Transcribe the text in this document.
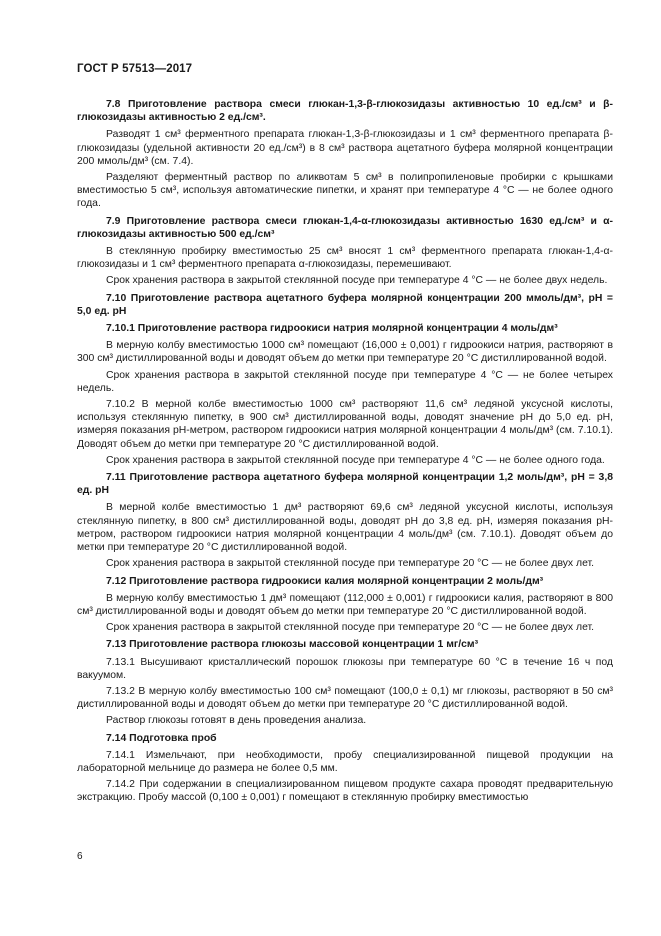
ГОСТ Р 57513—2017

7.8 Приготовление раствора смеси глюкан-1,3-β-глюкозидазы активностью 10 ед./см³ и β-глюкозидазы активностью 2 ед./см³.

Разводят 1 см³ ферментного препарата глюкан-1,3-β-глюкозидазы и 1 см³ ферментного препарата β-глюкозидазы (удельной активности 20 ед./см³) в 8 см³ раствора ацетатного буфера молярной концентрации 200 ммоль/дм³ (см. 7.4).

Разделяют ферментный раствор по аликвотам 5 см³ в полипропиленовые пробирки с крышками вместимостью 5 см³, используя автоматические пипетки, и хранят при температуре 4 °C — не более одного года.

7.9 Приготовление раствора смеси глюкан-1,4-α-глюкозидазы активностью 1630 ед./см³ и α-глюкозидазы активностью 500 ед./см³

В стеклянную пробирку вместимостью 25 см³ вносят 1 см³ ферментного препарата глюкан-1,4-α-глюкозидазы и 1 см³ ферментного препарата α-глюкозидазы, перемешивают.

Срок хранения раствора в закрытой стеклянной посуде при температуре 4 °C — не более двух недель.

7.10 Приготовление раствора ацетатного буфера молярной концентрации 200 ммоль/дм³, pH = 5,0 ед. pH

7.10.1 Приготовление раствора гидроокиси натрия молярной концентрации 4 моль/дм³

В мерную колбу вместимостью 1000 см³ помещают (16,000 ± 0,001) г гидроокиси натрия, растворяют в 300 см³ дистиллированной воды и доводят объем до метки при температуре 20 °C дистиллированной водой.

Срок хранения раствора в закрытой стеклянной посуде при температуре 4 °C — не более четырех недель.

7.10.2 В мерной колбе вместимостью 1000 см³ растворяют 11,6 см³ ледяной уксусной кислоты, используя стеклянную пипетку, в 900 см³ дистиллированной воды, доводят значение pH до 5,0 ед. pH, измеряя показания pH-метром, раствором гидроокиси натрия молярной концентрации 4 моль/дм³ (см. 7.10.1). Доводят объем до метки при температуре 20 °C дистиллированной водой.

Срок хранения раствора в закрытой стеклянной посуде при температуре 4 °C — не более одного года.

7.11 Приготовление раствора ацетатного буфера молярной концентрации 1,2 моль/дм³, pH = 3,8 ед. pH

В мерной колбе вместимостью 1 дм³ растворяют 69,6 см³ ледяной уксусной кислоты, используя стеклянную пипетку, в 800 см³ дистиллированной воды, доводят pH до 3,8 ед. pH, измеряя показания pH-метром, раствором гидроокиси натрия молярной концентрации 4 моль/дм³ (см. 7.10.1). Доводят объем до метки при температуре 20 °C дистиллированной водой.

Срок хранения раствора в закрытой стеклянной посуде при температуре 20 °C — не более двух лет.

7.12 Приготовление раствора гидроокиси калия молярной концентрации 2 моль/дм³

В мерную колбу вместимостью 1 дм³ помещают (112,000 ± 0,001) г гидроокиси калия, растворяют в 800 см³ дистиллированной воды и доводят объем до метки при температуре 20 °C дистиллированной водой.

Срок хранения раствора в закрытой стеклянной посуде при температуре 20 °C — не более двух лет.

7.13 Приготовление раствора глюкозы массовой концентрации 1 мг/см³

7.13.1 Высушивают кристаллический порошок глюкозы при температуре 60 °C в течение 16 ч под вакуумом.

7.13.2 В мерную колбу вместимостью 100 см³ помещают (100,0 ± 0,1) мг глюкозы, растворяют в 50 см³ дистиллированной воды и доводят объем до метки при температуре 20 °C дистиллированной водой.

Раствор глюкозы готовят в день проведения анализа.

7.14 Подготовка проб

7.14.1 Измельчают, при необходимости, пробу специализированной пищевой продукции на лабораторной мельнице до размера не более 0,5 мм.

7.14.2 При содержании в специализированном пищевом продукте сахара проводят предварительную экстракцию. Пробу массой (0,100 ± 0,001) г помещают в стеклянную пробирку вместимостью

6
